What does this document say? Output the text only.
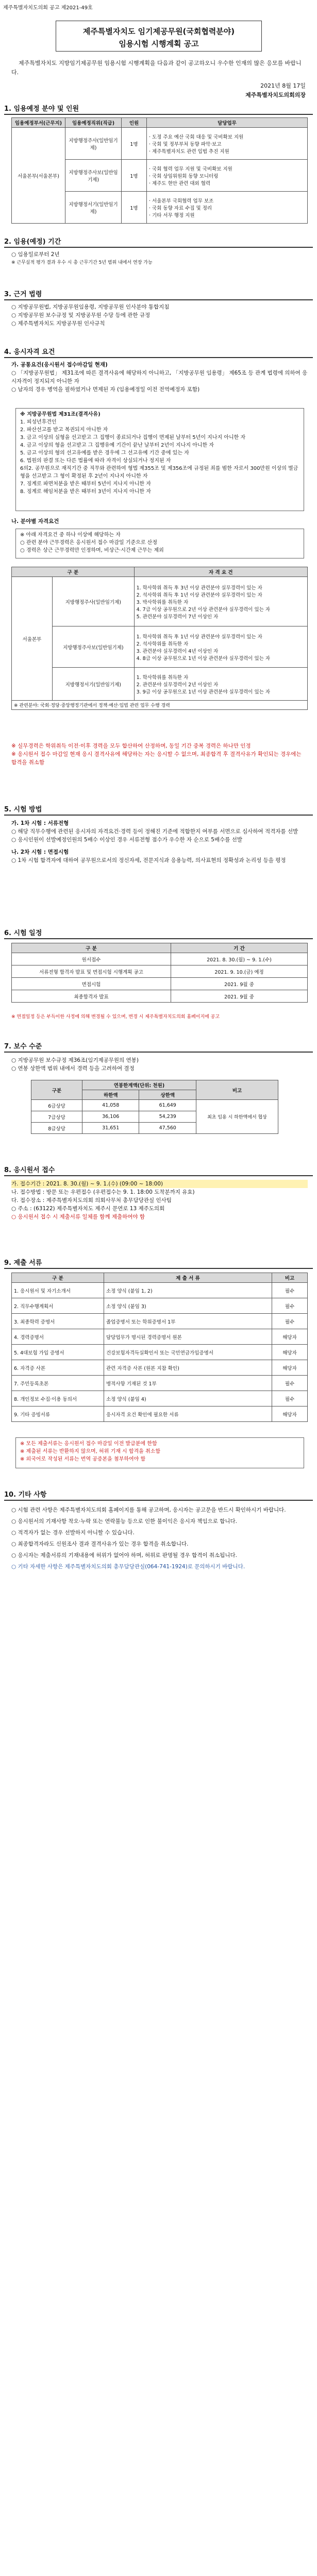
제주특별자치도의회 공고 제2021-49호
제주특별자치도 임기제공무원(국회협력분야)
임용시험 시행계획 공고
제주특별자치도 지방임기제공무원 임용시험 시행계획을 다음과 같이 공고하오니 우수한 인재의 많은 응모를 바랍니다.
2021년 8월 17일
제주특별자치도의회의장
1. 임용예정 분야 및 인원
임용예정부서(근무지)	임용예정직위(직급)	인원	담당업무
서울본부(서울본부)	지방행정주사(일반임기제)	1명	· 도정 주요 예산 국회 대응 및 국비확보 지원
· 국회 및 정부부처 동향 파악·보고
· 제주특별자치도 관련 입법 추진 지원
	지방행정주사보(일반임기제)	1명	· 국회 협력 업무 지원 및 국비확보 지원
· 국회 상임위원회 동향 모니터링
· 제주도 현안 관련 대외 협력
	지방행정서기(일반임기제)	1명	· 서울본부 국회협력 업무 보조
· 국회 동향 자료 수집 및 정리
· 기타 서무 행정 지원
2. 임용(예정) 기간

○ 임용일로부터 2년

※ 근무실적 평가 결과 우수 시 총 근무기간 5년 범위 내에서 연장 가능

3. 근거 법령

○ 지방공무원법, 지방공무원임용령, 지방공무원 인사분야 통합지침

○ 지방공무원 보수규정 및 지방공무원 수당 등에 관한 규정

○ 제주특별자치도 지방공무원 인사규칙

4. 응시자격 요건

가. 공통요건(응시원서 접수마감일 현재)

○ 「지방공무원법」 제31조에 따른 결격사유에 해당하지 아니하고, 「지방공무원 임용령」 제65조 등 관계 법령에 의하여 응시자격이 정지되지 아니한 자

○ 남자의 경우 병역을 필하였거나 면제된 자 (임용예정일 이전 전역예정자 포함)

※ 지방공무원법 제31조(결격사유)

1. 피성년후견인

2. 파산선고를 받고 복권되지 아니한 자

3. 금고 이상의 실형을 선고받고 그 집행이 종료되거나 집행이 면제된 날부터 5년이 지나지 아니한 자

4. 금고 이상의 형을 선고받고 그 집행유예 기간이 끝난 날부터 2년이 지나지 아니한 자

5. 금고 이상의 형의 선고유예를 받은 경우에 그 선고유예 기간 중에 있는 자

6. 법원의 판결 또는 다른 법률에 따라 자격이 상실되거나 정지된 자

6의2. 공무원으로 재직기간 중 직무와 관련하여 형법 제355조 및 제356조에 규정된 죄를 범한 자로서 300만원 이상의 벌금형을 선고받고 그 형이 확정된 후 2년이 지나지 아니한 자

7. 징계로 파면처분을 받은 때부터 5년이 지나지 아니한 자

8. 징계로 해임처분을 받은 때부터 3년이 지나지 아니한 자

나. 분야별 자격요건

※ 아래 자격요건 중 하나 이상에 해당하는 자

○ 관련 분야 근무경력은 응시원서 접수 마감일 기준으로 산정

○ 경력은 상근 근무경력만 인정하며, 비상근·시간제 근무는 제외

구 분		자 격 요 건
서울본부	지방행정주사(일반임기제)	1. 학사학위 취득 후 3년 이상 관련분야 실무경력이 있는 자
2. 석사학위 취득 후 1년 이상 관련분야 실무경력이 있는 자
3. 박사학위를 취득한 자
4. 7급 이상 공무원으로 2년 이상 관련분야 실무경력이 있는 자
5. 관련분야 실무경력이 7년 이상인 자
	지방행정주사보(일반임기제)	1. 학사학위 취득 후 1년 이상 관련분야 실무경력이 있는 자
2. 석사학위를 취득한 자
3. 관련분야 실무경력이 4년 이상인 자
4. 8급 이상 공무원으로 1년 이상 관련분야 실무경력이 있는 자
	지방행정서기(일반임기제)	1. 학사학위를 취득한 자
2. 관련분야 실무경력이 2년 이상인 자
3. 9급 이상 공무원으로 1년 이상 관련분야 실무경력이 있는 자
※ 관련분야: 국회·정당·중앙행정기관에서 정책·예산·입법 관련 업무 수행 경력		

※ 실무경력은 학위취득 이전·이후 경력을 모두 합산하여 산정하며, 동일 기간 중복 경력은 하나만 인정

※ 응시원서 접수 마감일 현재 응시 결격사유에 해당하는 자는 응시할 수 없으며, 최종합격 후 결격사유가 확인되는 경우에는 합격을 취소함

5. 시험 방법

가. 1차 시험 : 서류전형

○ 해당 직무수행에 관련된 응시자의 자격요건·경력 등이 정해진 기준에 적합한지 여부를 서면으로 심사하여 적격자를 선발

○ 응시인원이 선발예정인원의 5배수 이상인 경우 서류전형 점수가 우수한 자 순으로 5배수를 선발

나. 2차 시험 : 면접시험

○ 1차 시험 합격자에 대하여 공무원으로서의 정신자세, 전문지식과 응용능력, 의사표현의 정확성과 논리성 등을 평정

6. 시험 일정
구 분	기 간
원서접수	2021. 8. 30.(월) ~ 9. 1.(수)
서류전형 합격자 발표 및 면접시험 시행계획 공고	2021. 9. 10.(금) 예정
면접시험	2021. 9월 중
최종합격자 발표	2021. 9월 중

※ 면접일정 등은 부득이한 사정에 의해 변경될 수 있으며, 변경 시 제주특별자치도의회 홈페이지에 공고

7. 보수 수준

○ 지방공무원 보수규정 제36조(임기제공무원의 연봉)

○ 연봉 상한액 범위 내에서 경력 등을 고려하여 결정

구분	연봉한계액(단위: 천원)		비고
	하한액	상한액	
6급상당	41,058	61,649	최초 임용 시 하한액에서 협상
7급상당	36,106	54,239	
8급상당	31,651	47,560	
8. 응시원서 접수

가. 접수기간 : 2021. 8. 30.(월) ~ 9. 1.(수) (09:00 ~ 18:00)

나. 접수방법 : 방문 또는 우편접수 (우편접수는 9. 1. 18:00 도착분까지 유효)

다. 접수장소 : 제주특별자치도의회 의회사무처 총무담당관실 인사팀

○ 주소 : (63122) 제주특별자치도 제주시 문연로 13 제주도의회

○ 응시원서 접수 시 제출서류 일체를 함께 제출하여야 함

9. 제출 서류
구 분	제 출 서 류	비고
1. 응시원서 및 자기소개서	소정 양식 (붙임 1, 2)	필수
2. 직무수행계획서	소정 양식 (붙임 3)	필수
3. 최종학력 증명서	졸업증명서 또는 학위증명서 1부	필수
4. 경력증명서	담당업무가 명시된 경력증명서 원본	해당자
5. 4대보험 가입 증명서	건강보험자격득실확인서 또는 국민연금가입증명서	해당자
6. 자격증 사본	관련 자격증 사본 (원본 지참 확인)	해당자
7. 주민등록초본	병적사항 기재된 것 1부	필수
8. 개인정보 수집·이용 동의서	소정 양식 (붙임 4)	필수
9. 기타 증빙서류	응시자격 요건 확인에 필요한 서류	해당자

※ 모든 제출서류는 응시원서 접수 마감일 이전 발급분에 한함

※ 제출된 서류는 반환하지 않으며, 허위 기재 시 합격을 취소함

※ 외국어로 작성된 서류는 번역 공증본을 첨부하여야 함

10. 기타 사항

○ 시험 관련 사항은 제주특별자치도의회 홈페이지를 통해 공고하며, 응시자는 공고문을 반드시 확인하시기 바랍니다.

○ 응시원서의 기재사항 착오·누락 또는 연락불능 등으로 인한 불이익은 응시자 책임으로 합니다.

○ 적격자가 없는 경우 선발하지 아니할 수 있습니다.

○ 최종합격자라도 신원조사 결과 결격사유가 있는 경우 합격을 취소합니다.

○ 응시자는 제출서류의 기재내용에 허위가 없어야 하며, 허위로 판명될 경우 합격이 취소됩니다.

○ 기타 자세한 사항은 제주특별자치도의회 총무담당관실(064-741-1924)로 문의하시기 바랍니다.
